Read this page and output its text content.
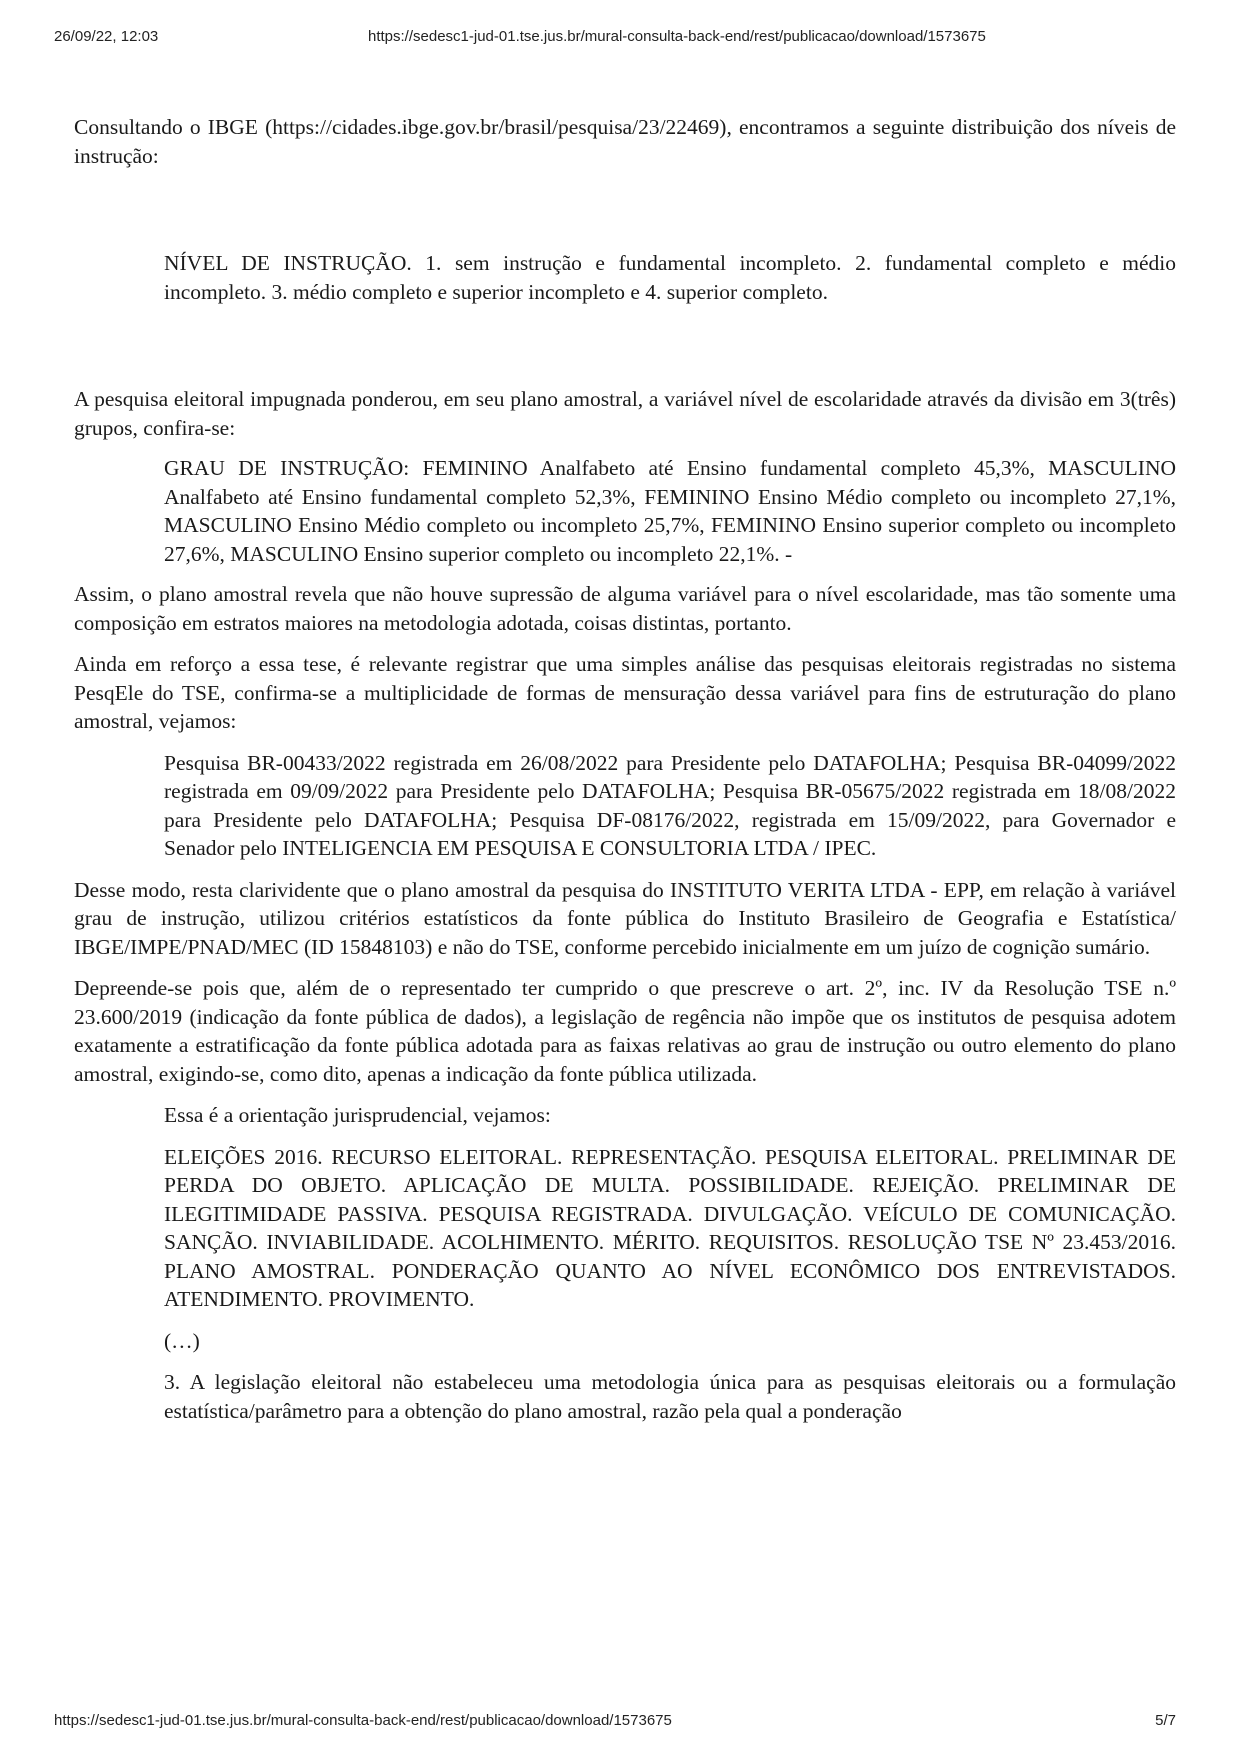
26/09/22, 12:03	https://sedesc1-jud-01.tse.jus.br/mural-consulta-back-end/rest/publicacao/download/1573675

Consultando o IBGE (https://cidades.ibge.gov.br/brasil/pesquisa/23/22469), encontramos a seguinte distribuição dos níveis de instrução:

NÍVEL DE INSTRUÇÃO. 1. sem instrução e fundamental incompleto. 2. fundamental completo e médio incompleto. 3. médio completo e superior incompleto e 4. superior completo.

A pesquisa eleitoral impugnada ponderou, em seu plano amostral, a variável nível de escolaridade através da divisão em 3(três) grupos, confira-se:

GRAU DE INSTRUÇÃO: FEMININO Analfabeto até Ensino fundamental completo 45,3%, MASCULINO Analfabeto até Ensino fundamental completo 52,3%, FEMININO Ensino Médio completo ou incompleto 27,1%, MASCULINO Ensino Médio completo ou incompleto 25,7%, FEMININO Ensino superior completo ou incompleto 27,6%, MASCULINO Ensino superior completo ou incompleto 22,1%. -

Assim, o plano amostral revela que não houve supressão de alguma variável para o nível escolaridade, mas tão somente uma composição em estratos maiores na metodologia adotada, coisas distintas, portanto.

Ainda em reforço a essa tese, é relevante registrar que uma simples análise das pesquisas eleitorais registradas no sistema PesqEle do TSE, confirma-se a multiplicidade de formas de mensuração dessa variável para fins de estruturação do plano amostral, vejamos:

Pesquisa BR-00433/2022 registrada em 26/08/2022 para Presidente pelo DATAFOLHA; Pesquisa BR-04099/2022 registrada em 09/09/2022 para Presidente pelo DATAFOLHA; Pesquisa BR-05675/2022 registrada em 18/08/2022 para Presidente pelo DATAFOLHA; Pesquisa DF-08176/2022, registrada em 15/09/2022, para Governador e Senador pelo INTELIGENCIA EM PESQUISA E CONSULTORIA LTDA / IPEC.

Desse modo, resta clarividente que o plano amostral da pesquisa do INSTITUTO VERITA LTDA - EPP, em relação à variável grau de instrução, utilizou critérios estatísticos da fonte pública do Instituto Brasileiro de Geografia e Estatística/ IBGE/IMPE/PNAD/MEC (ID 15848103) e não do TSE, conforme percebido inicialmente em um juízo de cognição sumário.

Depreende-se pois que, além de o representado ter cumprido o que prescreve o art. 2º, inc. IV da Resolução TSE n.º 23.600/2019 (indicação da fonte pública de dados), a legislação de regência não impõe que os institutos de pesquisa adotem exatamente a estratificação da fonte pública adotada para as faixas relativas ao grau de instrução ou outro elemento do plano amostral, exigindo-se, como dito, apenas a indicação da fonte pública utilizada.

Essa é a orientação jurisprudencial, vejamos:

ELEIÇÕES 2016. RECURSO ELEITORAL. REPRESENTAÇÃO. PESQUISA ELEITORAL. PRELIMINAR DE PERDA DO OBJETO. APLICAÇÃO DE MULTA. POSSIBILIDADE. REJEIÇÃO. PRELIMINAR DE ILEGITIMIDADE PASSIVA. PESQUISA REGISTRADA. DIVULGAÇÃO. VEÍCULO DE COMUNICAÇÃO. SANÇÃO. INVIABILIDADE. ACOLHIMENTO. MÉRITO. REQUISITOS. RESOLUÇÃO TSE Nº 23.453/2016. PLANO AMOSTRAL. PONDERAÇÃO QUANTO AO NÍVEL ECONÔMICO DOS ENTREVISTADOS. ATENDIMENTO. PROVIMENTO.

(…)

3. A legislação eleitoral não estabeleceu uma metodologia única para as pesquisas eleitorais ou a formulação estatística/parâmetro para a obtenção do plano amostral, razão pela qual a ponderação

https://sedesc1-jud-01.tse.jus.br/mural-consulta-back-end/rest/publicacao/download/1573675	5/7
